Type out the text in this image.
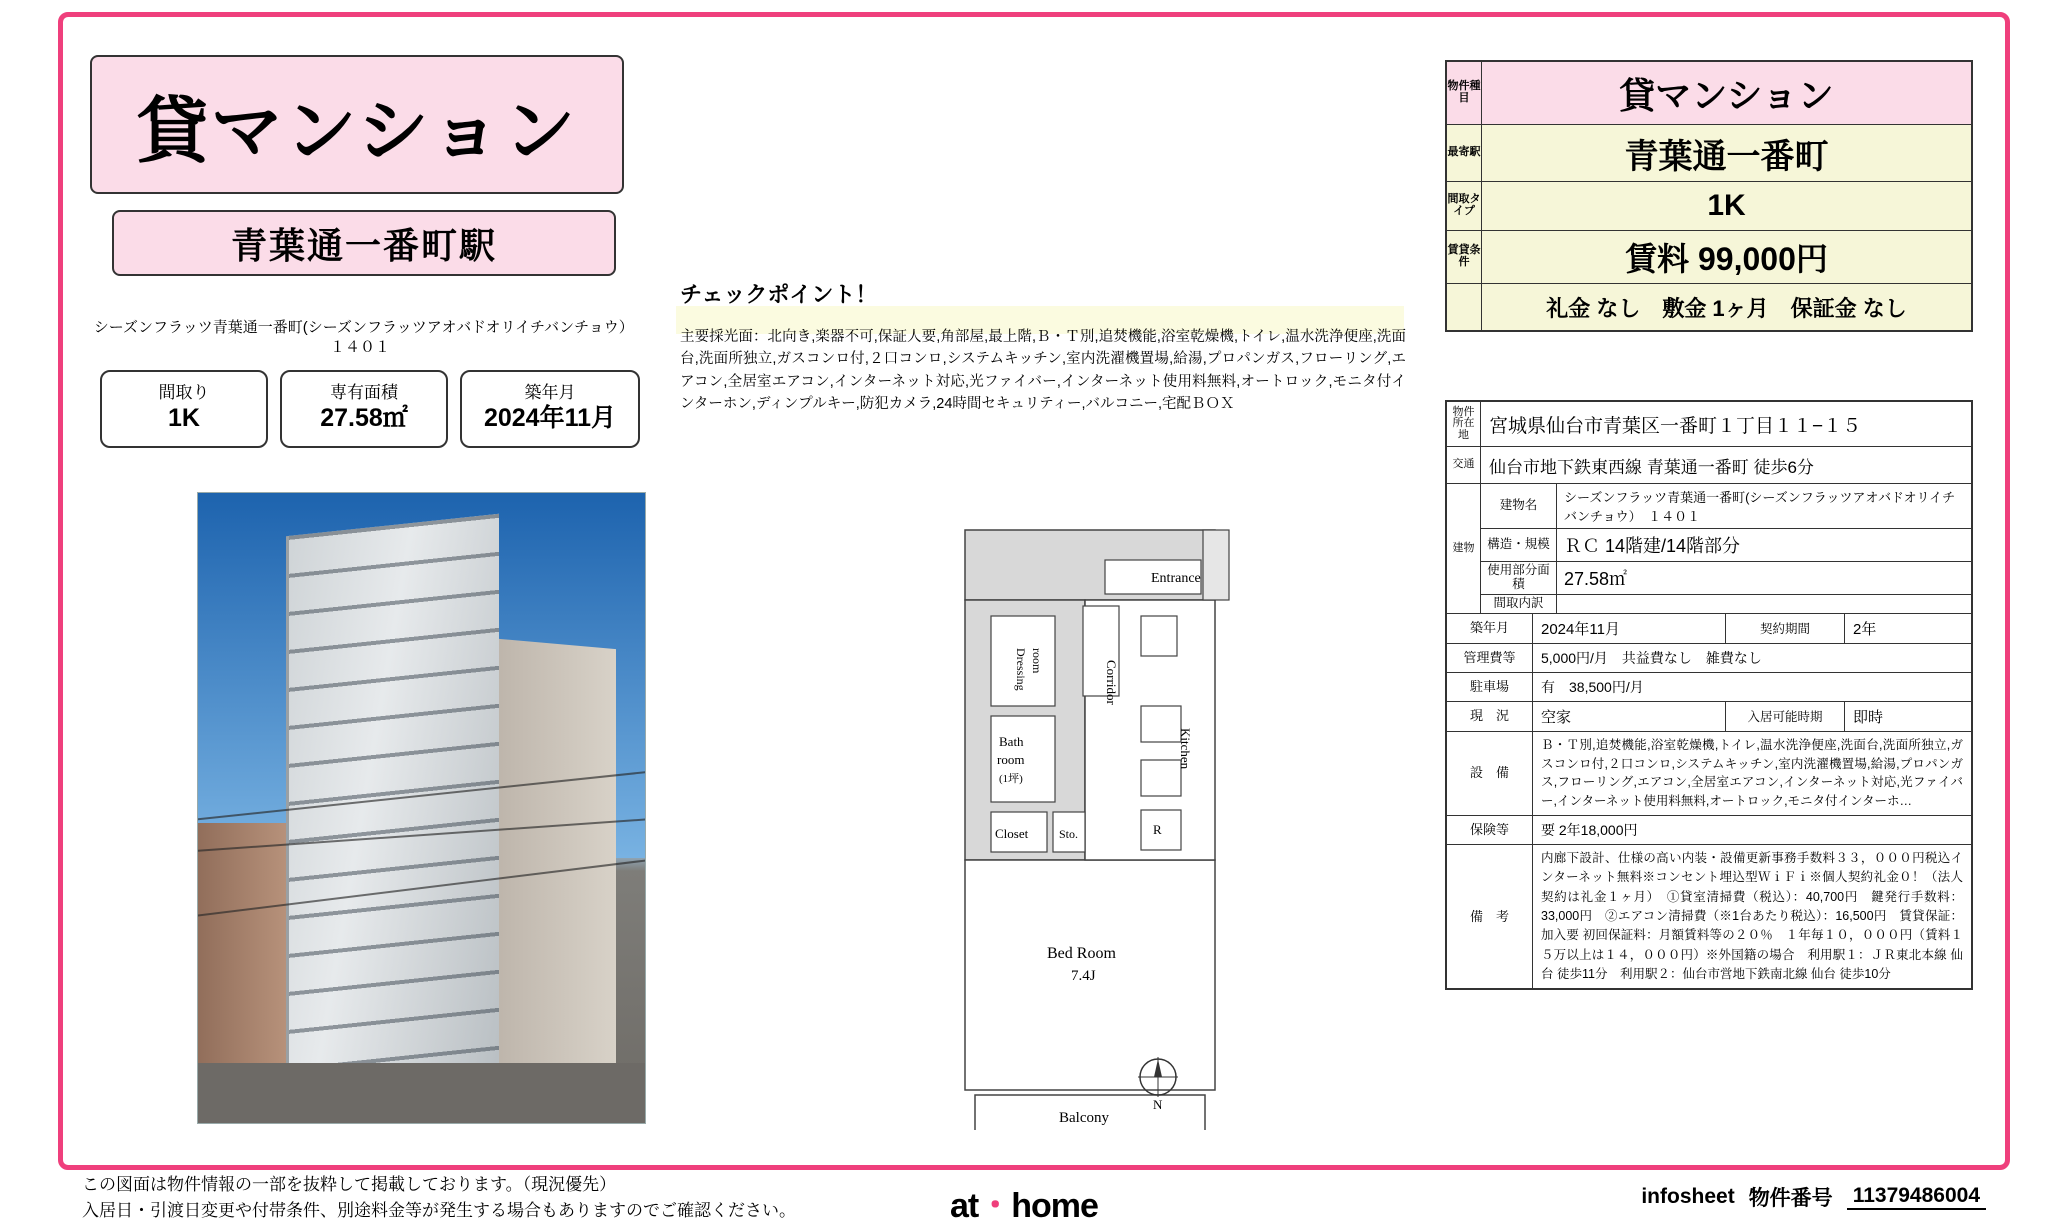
貸マンション
青葉通一番町駅
シーズンフラッツ青葉通一番町(シーズンフラッツアオバドオリイチバンチョウ）　１４０１
間取り
1K
専有面積
27.58㎡
築年月
2024年11月
チェックポイント！
主要採光面：北向き,楽器不可,保証人要,角部屋,最上階,Ｂ・Ｔ別,追焚機能,浴室乾燥機,トイレ,温水洗浄便座,洗面台,洗面所独立,ガスコンロ付,２口コンロ,システムキッチン,室内洗濯機置場,給湯,プロパンガス,フローリング,エアコン,全居室エアコン,インターネット対応,光ファイバー,インターネット使用料無料,オートロック,モニタ付インターホン,ディンプルキー,防犯カメラ,24時間セキュリティー,バルコニー,宅配ＢＯＸ
Entrance
Corridor
Dressing room
Bath
room
(1坪)
Closet	Sto.
Kitchen
R
Bed Room
7.4J
Balcony
N
物件種目	貸マンション
最寄駅	青葉通一番町
間取タイプ	1K
賃貸条件	賃料 99,000円
礼金 なし　敷金 1ヶ月　保証金 なし
物件所在地	宮城県仙台市青葉区一番町１丁目１１−１５
交通 仙台市地下鉄東西線 青葉通一番町 徒歩6分
建物
建物名
シーズンフラッツ青葉通一番町(シーズンフラッツアオバドオリイチバンチョウ）　１４０１
構造・規模 ＲＣ 14階建/14階部分
使用部分面積	27.58㎡
間取内訳
築年月	2024年11月	契約期間	2年
管理費等	5,000円/月　共益費なし　雑費なし
駐車場	有　38,500円/月
現　況	空家	入居可能時期	即時
設　備
Ｂ・Ｔ別,追焚機能,浴室乾燥機,トイレ,温水洗浄便座,洗面台,洗面所独立,ガスコンロ付,２口コンロ,システムキッチン,室内洗濯機置場,給湯,プロパンガス,フローリング,エアコン,全居室エアコン,インターネット対応,光ファイバー,インターネット使用料無料,オートロック,モニタ付インターホ…
保険等	要 2年18,000円
備　考
内廊下設計、仕様の高い内装・設備更新事務手数料３３，０００円税込インターネット無料※コンセント埋込型ＷｉＦｉ※個人契約礼金０！（法人契約は礼金１ヶ月）　①貸室清掃費（税込）：40,700円　鍵発行手数料：33,000円　②エアコン清掃費（※1台あたり税込）：16,500円　賃貸保証：加入要 初回保証料：月額賃料等の２０％　１年毎１０，０００円（賃料１５万以上は１４，０００円）※外国籍の場合　利用駅１：ＪＲ東北本線 仙台 徒歩11分　利用駅２：仙台市営地下鉄南北線 仙台 徒歩10分
この図面は物件情報の一部を抜粋して掲載しております。（現況優先）
入居日・引渡日変更や付帯条件、別途料金等が発生する場合もありますのでご確認ください。	at・home	infosheet 物件番号 11379486004
